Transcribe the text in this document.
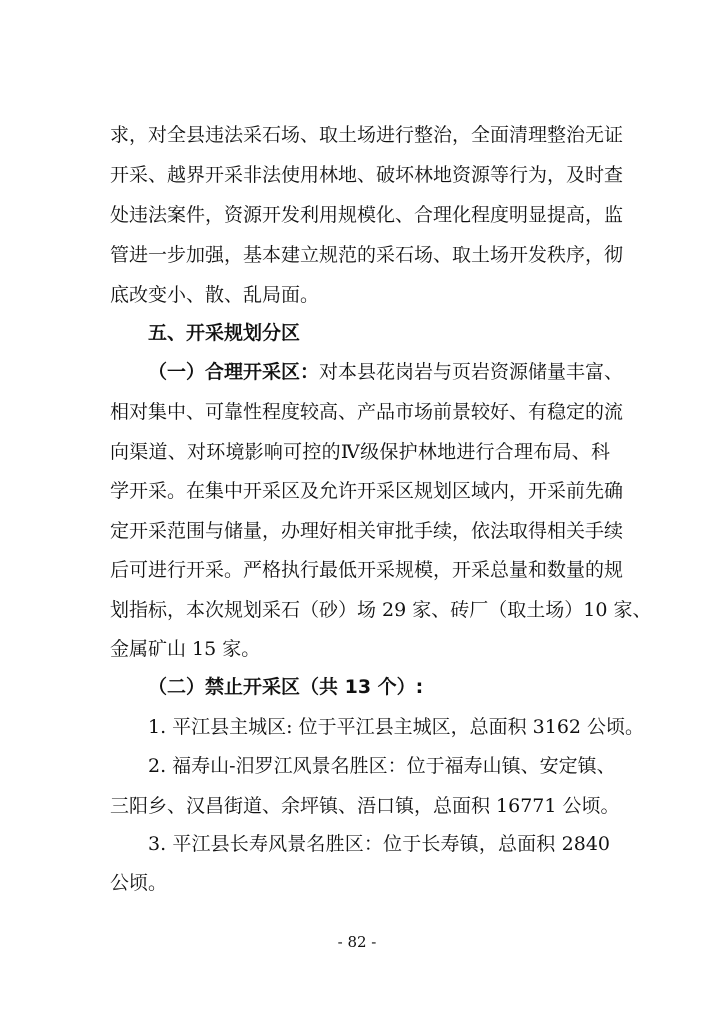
求，对全县违法采石场、取土场进行整治，全面清理整治无证
开采、越界开采非法使用林地、破坏林地资源等行为，及时查
处违法案件，资源开发利用规模化、合理化程度明显提高，监
管进一步加强，基本建立规范的采石场、取土场开发秩序，彻
底改变小、散、乱局面。
五、开采规划分区
（一）合理开采区：对本县花岗岩与页岩资源储量丰富、
相对集中、可靠性程度较高、产品市场前景较好、有稳定的流
向渠道、对环境影响可控的Ⅳ级保护林地进行合理布局、科
学开采。在集中开采区及允许开采区规划区域内，开采前先确
定开采范围与储量，办理好相关审批手续，依法取得相关手续
后可进行开采。严格执行最低开采规模，开采总量和数量的规
划指标，本次规划采石（砂）场 29 家、砖厂（取土场）10 家、
金属矿山 15 家。
（二）禁止开采区（共 13 个）:
1. 平江县主城区: 位于平江县主城区，总面积 3162 公顷。
2. 福寿山-汨罗江风景名胜区：位于福寿山镇、安定镇、
三阳乡、汉昌街道、余坪镇、浯口镇，总面积 16771 公顷。
3. 平江县长寿风景名胜区：位于长寿镇，总面积 2840
公顷。
- 82 -
